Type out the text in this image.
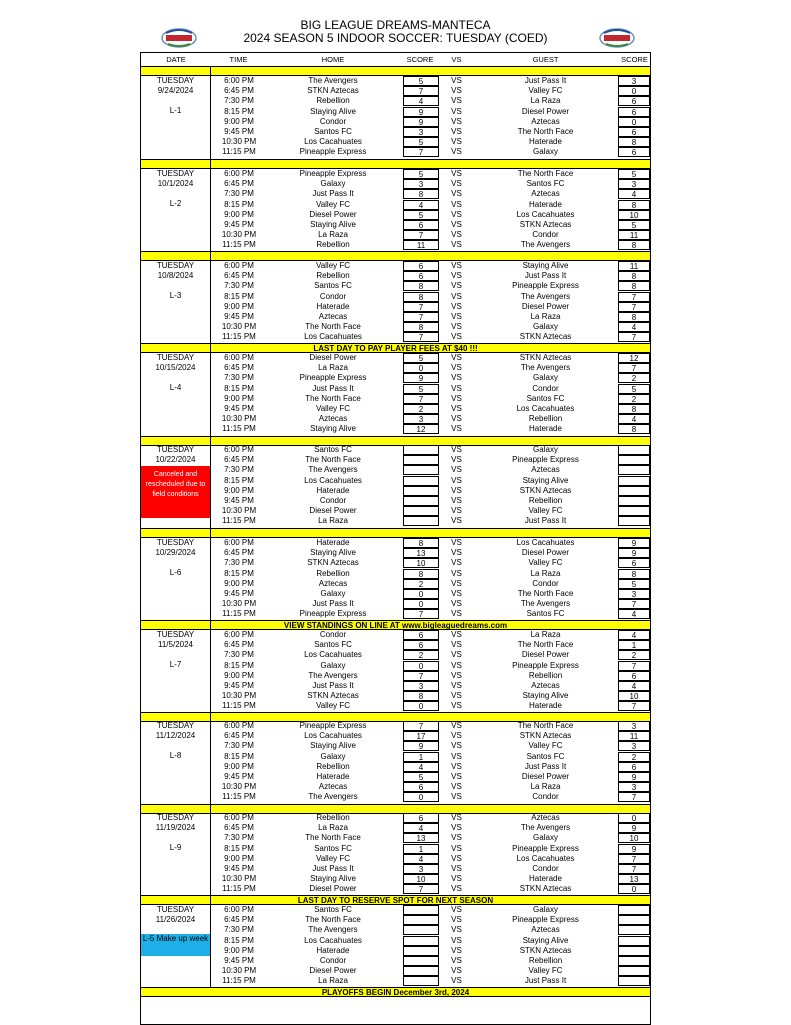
BIG LEAGUE DREAMS-MANTECA
2024 SEASON 5 INDOOR SOCCER: TUESDAY (COED)
DATE	TIME	HOME	SCORE	VS	GUEST	SCORE
LAST DAY TO PAY PLAYER FEES AT $40 !!!
VIEW STANDINGS ON LINE AT www.bigleaguedreams.com
LAST DAY TO RESERVE SPOT FOR NEXT SEASON
PLAYOFFS BEGIN December 3rd, 2024
TUESDAY
9/24/2024
L-1
6:00 PM	The Avengers	5	VS	Just Pass It	3
6:45 PM	STKN Aztecas	7	VS	Valley FC	0
7:30 PM	Rebellion	4	VS	La Raza	6
8:15 PM	Staying Alive	9	VS	Diesel Power	6
9:00 PM	Condor	9	VS	Aztecas	0
9:45 PM	Santos FC	3	VS	The North Face	6
10:30 PM	Los Cacahuates	5	VS	Haterade	8
11:15 PM	Pineapple Express	7	VS	Galaxy	6
TUESDAY
10/1/2024
L-2
6:00 PM	Pineapple Express	5	VS	The North Face	5
6:45 PM	Galaxy	3	VS	Santos FC	3
7:30 PM	Just Pass It	8	VS	Aztecas	4
8:15 PM	Valley FC	4	VS	Haterade	8
9:00 PM	Diesel Power	5	VS	Los Cacahuates	10
9:45 PM	Staying Alive	6	VS	STKN Aztecas	5
10:30 PM	La Raza	7	VS	Condor	11
11:15 PM	Rebellion	11	VS	The Avengers	8
TUESDAY
10/8/2024
L-3
6:00 PM	Valley FC	6	VS	Staying Alive	11
6:45 PM	Rebellion	6	VS	Just Pass It	8
7:30 PM	Santos FC	8	VS	Pineapple Express	8
8:15 PM	Condor	8	VS	The Avengers	7
9:00 PM	Haterade	7	VS	Diesel Power	7
9:45 PM	Aztecas	7	VS	La Raza	8
10:30 PM	The North Face	8	VS	Galaxy	4
11:15 PM	Los Cacahuates	7	VS	STKN Aztecas	7
TUESDAY
10/15/2024
L-4
6:00 PM	Diesel Power	5	VS	STKN Aztecas	12
6:45 PM	La Raza	0	VS	The Avengers	7
7:30 PM	Pineapple Express	9	VS	Galaxy	2
8:15 PM	Just Pass It	5	VS	Condor	5
9:00 PM	The North Face	7	VS	Santos FC	2
9:45 PM	Valley FC	2	VS	Los Cacahuates	8
10:30 PM	Aztecas	3	VS	Rebellion	4
11:15 PM	Staying Alive	12	VS	Haterade	8
TUESDAY
10/22/2024
Canceled and rescheduled due to field conditions
6:00 PM	Santos FC	VS	Galaxy
6:45 PM	The North Face	VS	Pineapple Express
7:30 PM	The Avengers	VS	Aztecas
8:15 PM	Los Cacahuates	VS	Staying Alive
9:00 PM	Haterade	VS	STKN Aztecas
9:45 PM	Condor	VS	Rebellion
10:30 PM	Diesel Power	VS	Valley FC
11:15 PM	La Raza	VS	Just Pass It
TUESDAY
10/29/2024
L-6
6:00 PM	Haterade	8	VS	Los Cacahuates	9
6:45 PM	Staying Alive	13	VS	Diesel Power	9
7:30 PM	STKN Aztecas	10	VS	Valley FC	6
8:15 PM	Rebellion	8	VS	La Raza	8
9:00 PM	Aztecas	2	VS	Condor	5
9:45 PM	Galaxy	0	VS	The North Face	3
10:30 PM	Just Pass It	0	VS	The Avengers	7
11:15 PM	Pineapple Express	7	VS	Santos FC	4
TUESDAY
11/5/2024
L-7
6:00 PM	Condor	6	VS	La Raza	4
6:45 PM	Santos FC	6	VS	The North Face	1
7:30 PM	Los Cacahuates	2	VS	Diesel Power	2
8:15 PM	Galaxy	0	VS	Pineapple Express	7
9:00 PM	The Avengers	7	VS	Rebellion	6
9:45 PM	Just Pass It	3	VS	Aztecas	4
10:30 PM	STKN Aztecas	8	VS	Staying Alive	10
11:15 PM	Valley FC	0	VS	Haterade	7
TUESDAY
11/12/2024
L-8
6:00 PM	Pineapple Express	7	VS	The North Face	3
6:45 PM	Los Cacahuates	17	VS	STKN Aztecas	11
7:30 PM	Staying Alive	9	VS	Valley FC	3
8:15 PM	Galaxy	1	VS	Santos FC	2
9:00 PM	Rebellion	4	VS	Just Pass It	6
9:45 PM	Haterade	5	VS	Diesel Power	9
10:30 PM	Aztecas	6	VS	La Raza	3
11:15 PM	The Avengers	0	VS	Condor	7
TUESDAY
11/19/2024
L-9
6:00 PM	Rebellion	6	VS	Aztecas	0
6:45 PM	La Raza	4	VS	The Avengers	9
7:30 PM	The North Face	13	VS	Galaxy	10
8:15 PM	Santos FC	1	VS	Pineapple Express	9
9:00 PM	Valley FC	4	VS	Los Cacahuates	7
9:45 PM	Just Pass It	3	VS	Condor	7
10:30 PM	Staying Alive	10	VS	Haterade	13
11:15 PM	Diesel Power	7	VS	STKN Aztecas	0
TUESDAY
11/26/2024
L-5 Make up week
6:00 PM	Santos FC	VS	Galaxy
6:45 PM	The North Face	VS	Pineapple Express
7:30 PM	The Avengers	VS	Aztecas
8:15 PM	Los Cacahuates	VS	Staying Alive
9:00 PM	Haterade	VS	STKN Aztecas
9:45 PM	Condor	VS	Rebellion
10:30 PM	Diesel Power	VS	Valley FC
11:15 PM	La Raza	VS	Just Pass It
